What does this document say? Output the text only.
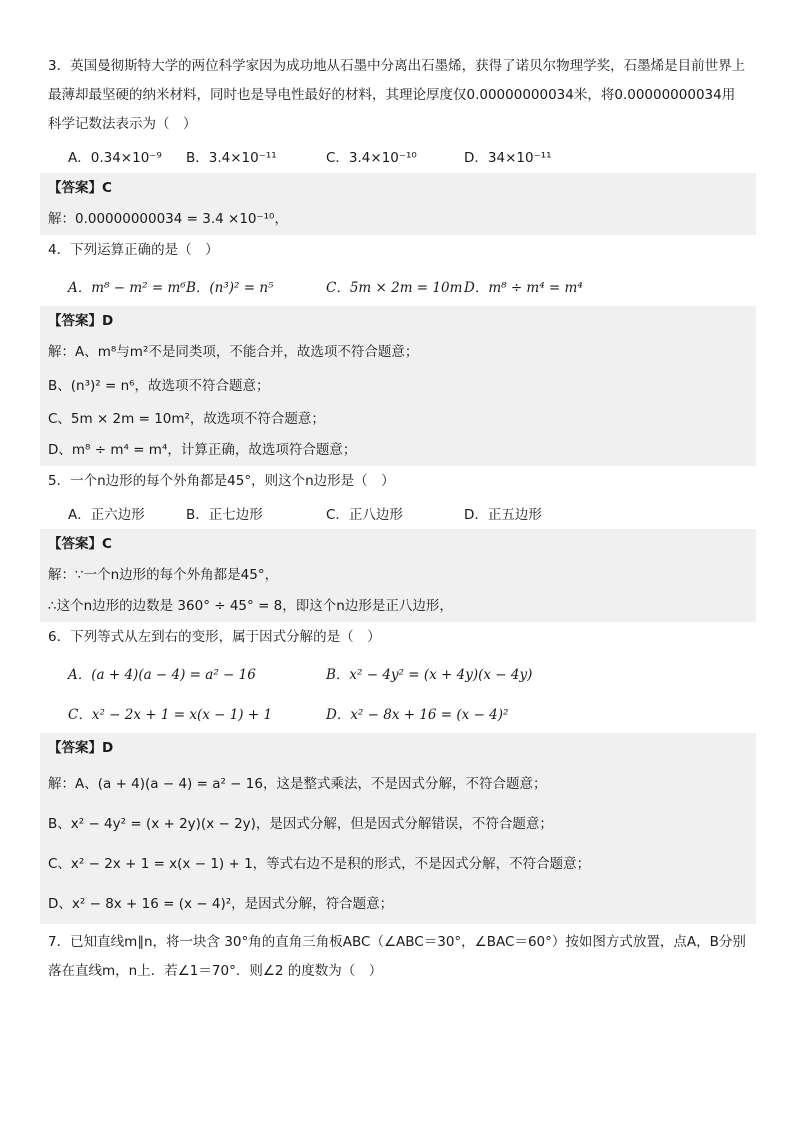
3．英国曼彻斯特大学的两位科学家因为成功地从石墨中分离出石墨烯，获得了诺贝尔物理学奖，石墨烯是目前世界上最薄却最坚硬的纳米材料，同时也是导电性最好的材料，其理论厚度仅0.00000000034米，将0.00000000034用科学记数法表示为（　）
A．0.34×10⁻⁹	B．3.4×10⁻¹¹	C．3.4×10⁻¹⁰	D．34×10⁻¹¹
【答案】C
解：0.00000000034 = 3.4 ×10⁻¹⁰，
4．下列运算正确的是（　）
A．m⁸ − m² = m⁶ B．(n³)² = n⁵	C．5m × 2m = 10m D．m⁸ ÷ m⁴ = m⁴
【答案】D
解：A、m⁸与m²不是同类项，不能合并，故选项不符合题意；
B、(n³)² = n⁶，故选项不符合题意；
C、5m × 2m = 10m²，故选项不符合题意；
D、m⁸ ÷ m⁴ = m⁴，计算正确，故选项符合题意；
5．一个n边形的每个外角都是45°，则这个n边形是（　）
A．正六边形	B．正七边形	C．正八边形	D．正五边形
【答案】C
解：∵一个n边形的每个外角都是45°，
∴这个n边形的边数是 360° ÷ 45° = 8，即这个n边形是正八边形，
6．下列等式从左到右的变形，属于因式分解的是（　）
A．(a + 4)(a − 4) = a² − 16	B．x² − 4y² = (x + 4y)(x − 4y)
C．x² − 2x + 1 = x(x − 1) + 1	D．x² − 8x + 16 = (x − 4)²
【答案】D
解：A、(a + 4)(a − 4) = a² − 16，这是整式乘法，不是因式分解，不符合题意；
B、x² − 4y² = (x + 2y)(x − 2y)，是因式分解，但是因式分解错误，不符合题意；
C、x² − 2x + 1 = x(x − 1) + 1，等式右边不是积的形式，不是因式分解，不符合题意；
D、x² − 8x + 16 = (x − 4)²，是因式分解，符合题意；
7．已知直线m∥n，将一块含 30°角的直角三角板ABC（∠ABC＝30°，∠BAC＝60°）按如图方式放置，点A，B分别落在直线m，n上．若∠1＝70°．则∠2 的度数为（　）
